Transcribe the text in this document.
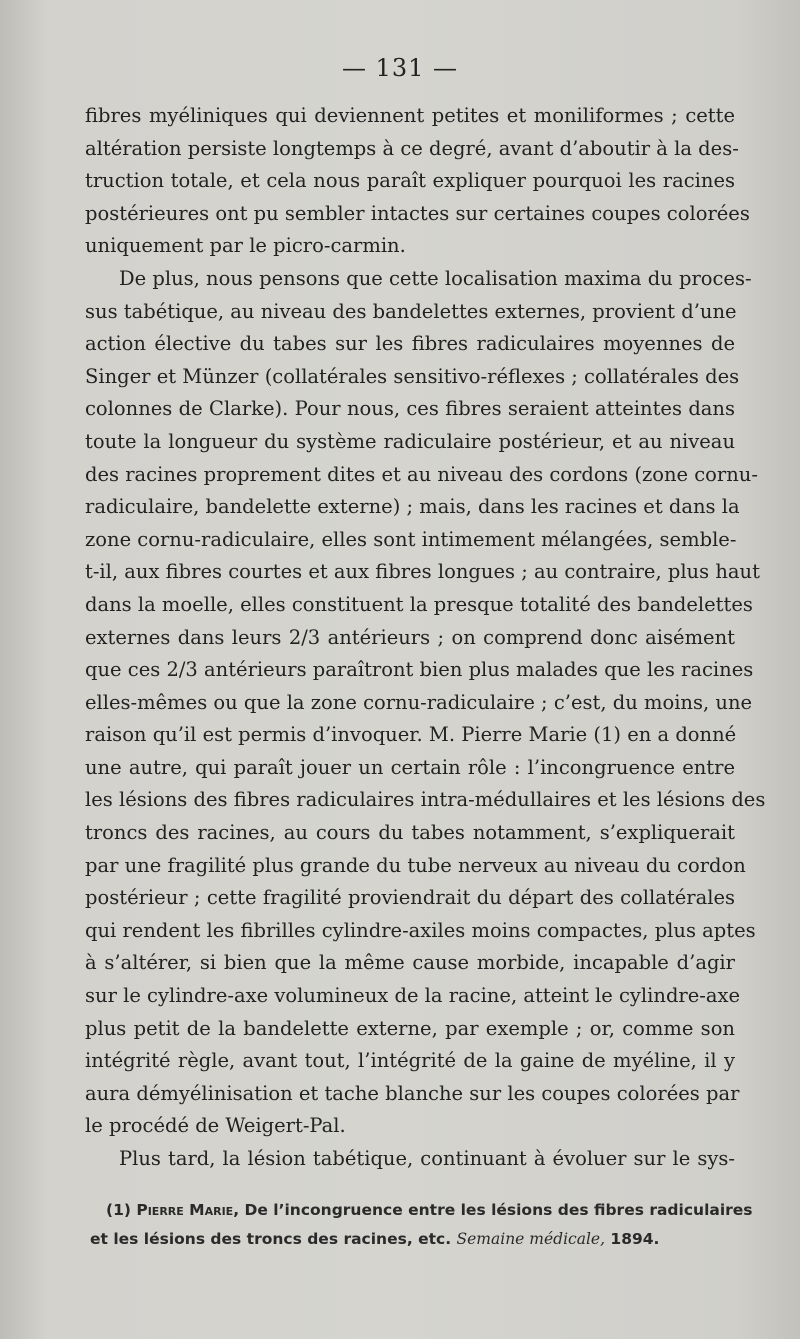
— 131 —
fibres myéliniques qui deviennent petites et moniliformes ; cette
altération persiste longtemps à ce degré, avant d’aboutir à la des-
truction totale, et cela nous paraît expliquer pourquoi les racines
postérieures ont pu sembler intactes sur certaines coupes colorées
uniquement par le picro-carmin.
De plus, nous pensons que cette localisation maxima du proces-
sus tabétique, au niveau des bandelettes externes, provient d’une
action élective du tabes sur les fibres radiculaires moyennes de
Singer et Münzer (collatérales sensitivo-réflexes ; collatérales des
colonnes de Clarke). Pour nous, ces fibres seraient atteintes dans
toute la longueur du système radiculaire postérieur, et au niveau
des racines proprement dites et au niveau des cordons (zone cornu-
radiculaire, bandelette externe) ; mais, dans les racines et dans la
zone cornu-radiculaire, elles sont intimement mélangées, semble-
t-il, aux fibres courtes et aux fibres longues ; au contraire, plus haut
dans la moelle, elles constituent la presque totalité des bandelettes
externes dans leurs 2/3 antérieurs ; on comprend donc aisément
que ces 2/3 antérieurs paraîtront bien plus malades que les racines
elles-mêmes ou que la zone cornu-radiculaire ; c’est, du moins, une
raison qu’il est permis d’invoquer. M. Pierre Marie (1) en a donné
une autre, qui paraît jouer un certain rôle : l’incongruence entre
les lésions des fibres radiculaires intra-médullaires et les lésions des
troncs des racines, au cours du tabes notamment, s’expliquerait
par une fragilité plus grande du tube nerveux au niveau du cordon
postérieur ; cette fragilité proviendrait du départ des collatérales
qui rendent les fibrilles cylindre-axiles moins compactes, plus aptes
à s’altérer, si bien que la même cause morbide, incapable d’agir
sur le cylindre-axe volumineux de la racine, atteint le cylindre-axe
plus petit de la bandelette externe, par exemple ; or, comme son
intégrité règle, avant tout, l’intégrité de la gaine de myéline, il y
aura démyélinisation et tache blanche sur les coupes colorées par
le procédé de Weigert-Pal.
Plus tard, la lésion tabétique, continuant à évoluer sur le sys-
(1) Pierre Marie, De l’incongruence entre les lésions des fibres radiculaires
et les lésions des troncs des racines, etc. Semaine médicale, 1894.
